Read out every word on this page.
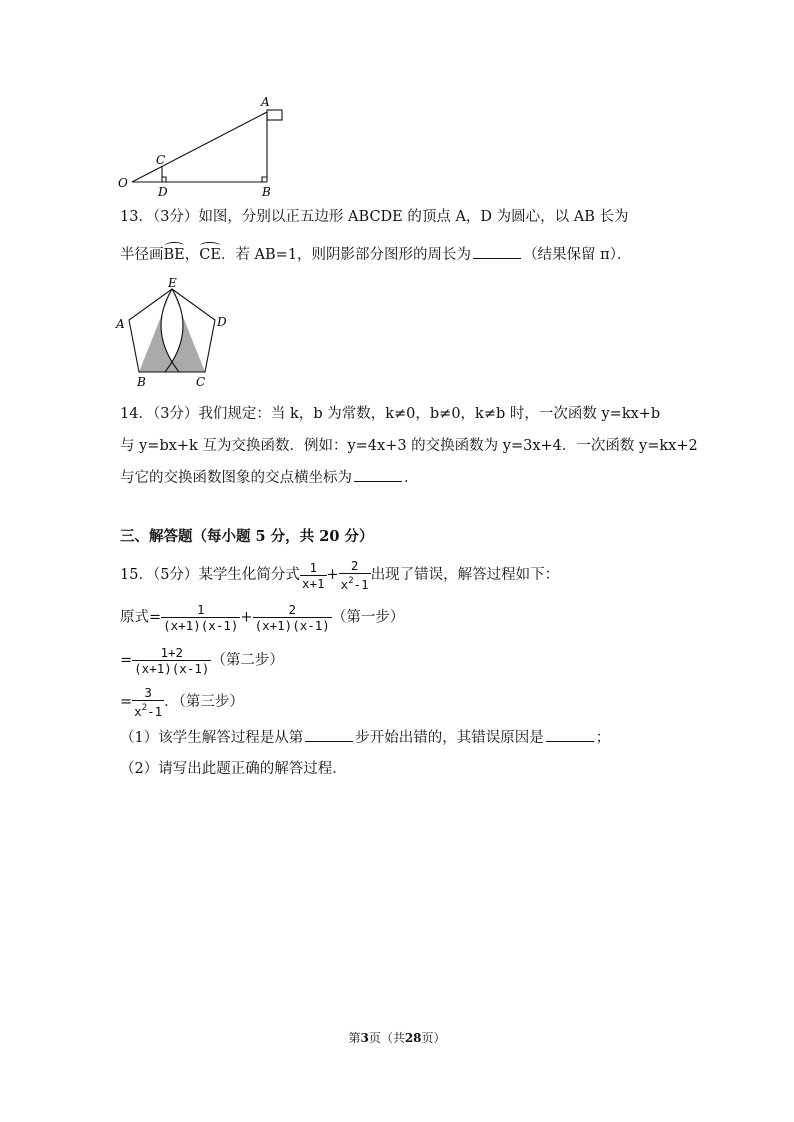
O
C
D	B
A
13．（3分）如图，分别以正五边形 ABCDE 的顶点 A，D 为圆心，以 AB 长为
半径画BE，CE．若 AB=1，则阴影部分图形的周长为	（结果保留 π）．
E
A	D
B	C
14．（3分）我们规定：当 k，b 为常数，k≠0，b≠0，k≠b 时，一次函数 y=kx+b
与 y=bx+k 互为交换函数．例如：y=4x+3 的交换函数为 y=3x+4．一次函数 y=kx+2
与它的交换函数图象的交点横坐标为	．
三、解答题（每小题 5 分，共 20 分）
15．（5分）某学生化简分式 $\frac{1}{x+1} + \frac{2}{x^2-1}$ 出现了错误，解答过程如下：
原式= $\frac{1}{(x+1)(x-1)} + \frac{2}{(x+1)(x-1)}$ （第一步）
= $\frac{1+2}{(x+1)(x-1)}$ （第二步）
= $\frac{3}{x^2-1}$ ．（第三步）
（1）该学生解答过程是从第	步开始出错的，其错误原因是	；
（2）请写出此题正确的解答过程．
第3页（共28页）
